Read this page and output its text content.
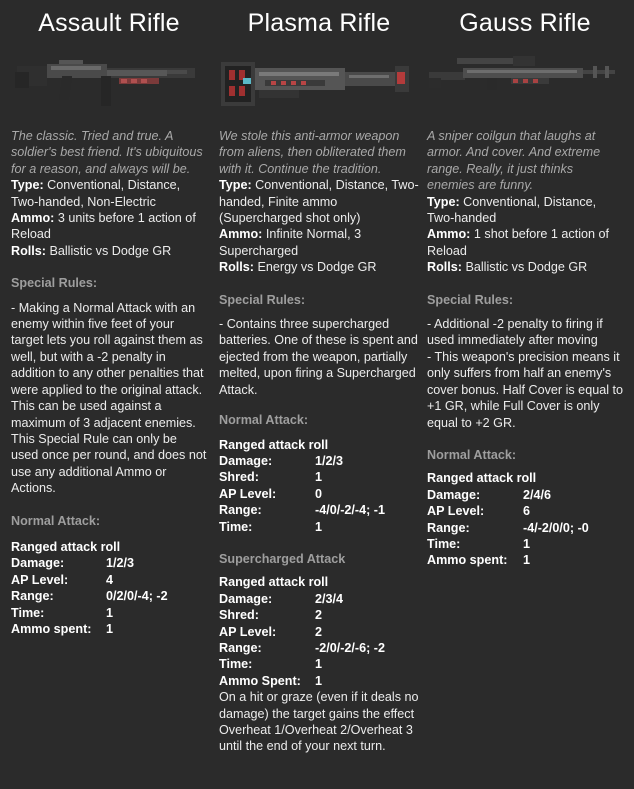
Assault Rifle
The classic. Tried and true. A soldier's best friend. It's ubiquitous for a reason, and always will be.
Type: Conventional, Distance, Two-handed, Non-Electric
Ammo: 3 units before 1 action of Reload
Rolls: Ballistic vs Dodge GR
Special Rules:
- Making a Normal Attack with an enemy within five feet of your target lets you roll against them as well, but with a -2 penalty in addition to any other penalties that were applied to the original attack. This can be used against a maximum of 3 adjacent enemies. This Special Rule can only be used once per round, and does not use any additional Ammo or Actions.
Normal Attack:
Ranged attack roll
Damage:	1/2/3
AP Level:	4
Range:	0/2/0/-4; -2
Time:	1
Ammo spent:	1
Plasma Rifle
We stole this anti-armor weapon from aliens, then obliterated them with it. Continue the tradition.
Type: Conventional, Distance, Two-handed, Finite ammo (Supercharged shot only)
Ammo: Infinite Normal, 3 Supercharged
Rolls: Energy vs Dodge GR
Special Rules:
- Contains three supercharged batteries. One of these is spent and ejected from the weapon, partially melted, upon firing a Supercharged Attack.
Normal Attack:
Ranged attack roll
Damage:	1/2/3
Shred:	1
AP Level:	0
Range:	-4/0/-2/-4; -1
Time:	1
Supercharged Attack
Ranged attack roll
Damage:	2/3/4
Shred:	2
AP Level:	2
Range:	-2/0/-2/-6; -2
Time:	1
Ammo Spent:	1
On a hit or graze (even if it deals no damage) the target gains the effect Overheat 1/Overheat 2/Overheat 3 until the end of your next turn.
Gauss Rifle
A sniper coilgun that laughs at armor. And cover. And extreme range. Really, it just thinks enemies are funny.
Type: Conventional, Distance, Two-handed
Ammo: 1 shot before 1 action of Reload
Rolls: Ballistic vs Dodge GR
Special Rules:
- Additional -2 penalty to firing if used immediately after moving
- This weapon's precision means it only suffers from half an enemy's cover bonus. Half Cover is equal to +1 GR, while Full Cover is only equal to +2 GR.
Normal Attack:
Ranged attack roll
Damage:	2/4/6
AP Level:	6
Range:	-4/-2/0/0; -0
Time:	1
Ammo spent:	1
